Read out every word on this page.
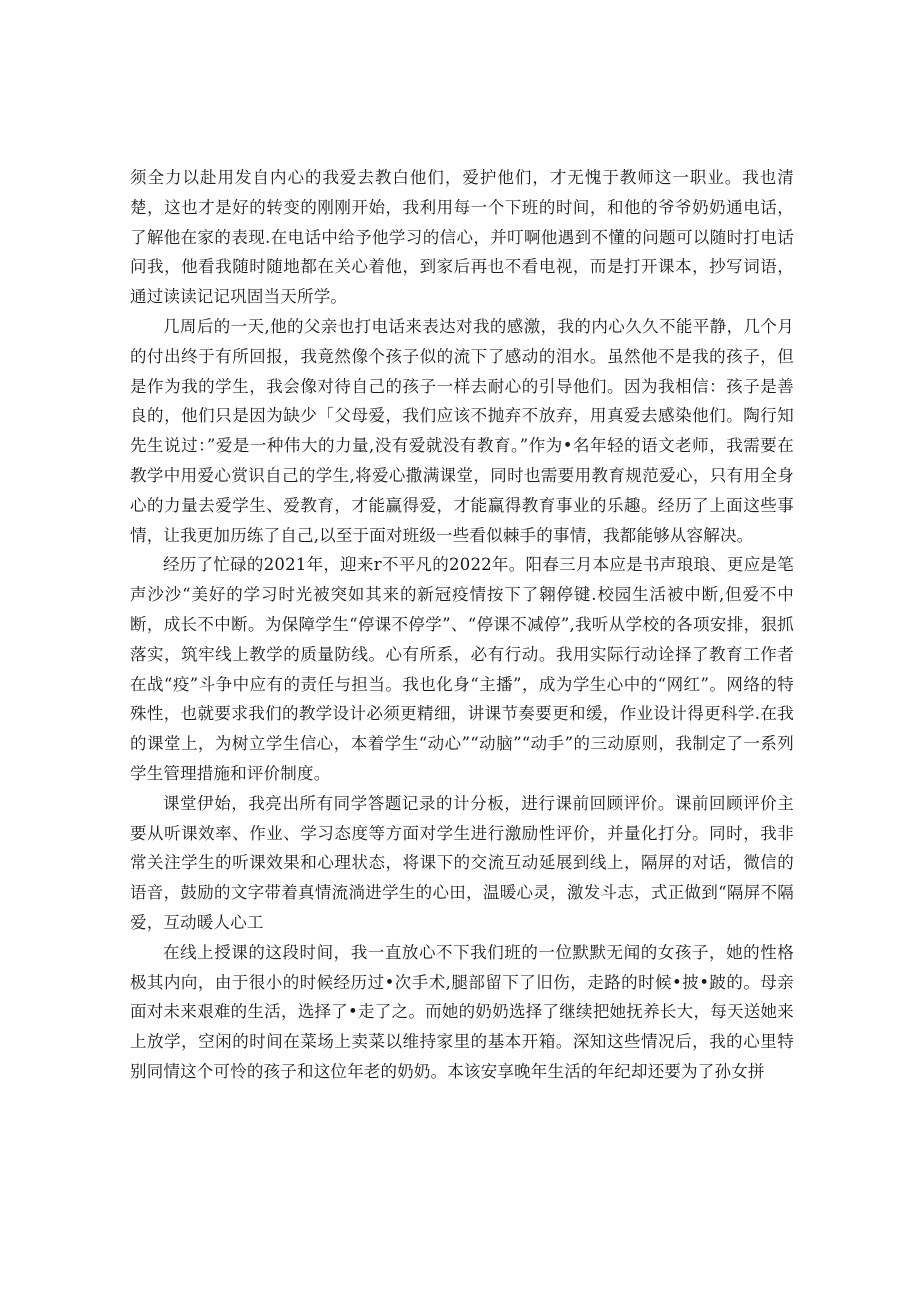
须全力以赴用发自内心的我爱去教白他们，爱护他们，才无愧于教师这一职业。我也清楚，这也才是好的转变的刚刚开始，我利用每一个下班的时间，和他的爷爷奶奶通电话，了解他在家的表现.在电话中给予他学习的信心，并叮啊他遇到不懂的问题可以随时打电话问我，他看我随时随地都在关心着他，到家后再也不看电视，而是打开课本，抄写词语，通过读读记记巩固当天所学。

几周后的一天,他的父亲也打电话来表达对我的感激，我的内心久久不能平静，几个月的付出终于有所回报，我竟然像个孩子似的流下了感动的泪水。虽然他不是我的孩子，但是作为我的学生，我会像对待自己的孩子一样去耐心的引导他们。因为我相信：孩子是善良的，他们只是因为缺少「父母爱，我们应该不抛弃不放弃，用真爱去感染他们。陶行知先生说过：”爱是一种伟大的力量,没有爱就没有教育。”作为•名年轻的语文老师，我需要在教学中用爱心赏识自己的学生,将爱心撒满课堂，同时也需要用教育规范爱心，只有用全身心的力量去爱学生、爱教育，才能赢得爱，才能赢得教育事业的乐趣。经历了上面这些事情，让我更加历练了自己,以至于面对班级一些看似棘手的事情，我都能够从容解决。

经历了忙碌的2021年，迎来r不平凡的2022年。阳春三月本应是书声琅琅、更应是笔声沙沙“美好的学习时光被突如其来的新冠疫情按下了翱停键.校园生活被中断,但爱不中断，成长不中断。为保障学生“停课不停学”、“停课不减停”,我听从学校的各项安排，狠抓落实，筑牢线上教学的质量防线。心有所系，必有行动。我用实际行动诠择了教育工作者在战“疫”斗争中应有的责任与担当。我也化身“主播”，成为学生心中的“网红”。网络的特殊性，也就要求我们的教学设计必须更精细，讲课节奏要更和缓，作业设计得更科学.在我的课堂上，为树立学生信心，本着学生“动心”“动脑”“动手”的三动原则，我制定了一系列学生管理措施和评价制度。

课堂伊始，我亮出所有同学答题记录的计分板，进行课前回顾评价。课前回顾评价主要从听课效率、作业、学习态度等方面对学生进行激励性评价，并量化打分。同时，我非常关注学生的听课效果和心理状态，将课下的交流互动延展到线上，隔屏的对话，微信的语音，鼓励的文字带着真情流淌进学生的心田，温暖心灵，激发斗志，式正做到“隔屏不隔爱，互动暖人心工

在线上授课的这段时间，我一直放心不下我们班的一位默默无闻的女孩子，她的性格极其内向，由于很小的时候经历过•次手术,腿部留下了旧伤，走路的时候•披•跛的。母亲面对未来艰难的生活，选择了•走了之。而她的奶奶选择了继续把她抚养长大，每天送她来上放学，空闲的时间在菜场上卖菜以维持家里的基本开箱。深知这些情况后，我的心里特别同情这个可怜的孩子和这位年老的奶奶。本该安享晚年生活的年纪却还要为了孙女拼
